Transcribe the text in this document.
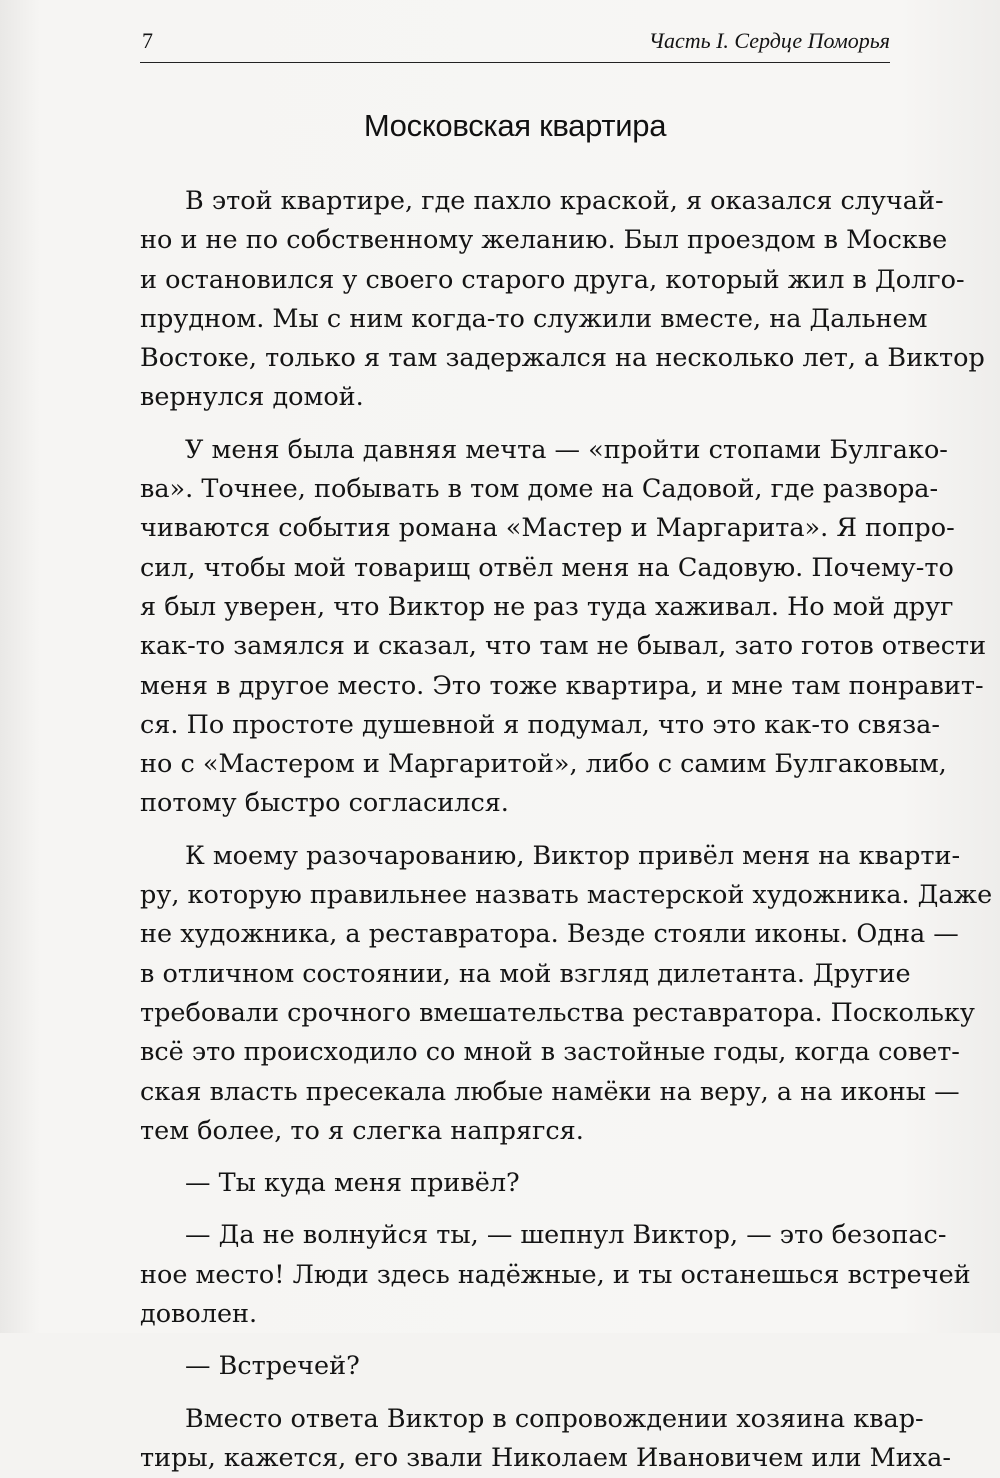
7	Часть I. Сердце Поморья
Московская квартира
В этой квартире, где пахло краской, я оказался случай-
но и не по собственному желанию. Был проездом в Москве
и остановился у своего старого друга, который жил в Долго-
прудном. Мы с ним когда-то служили вместе, на Дальнем
Востоке, только я там задержался на несколько лет, а Виктор
вернулся домой.
У меня была давняя мечта — «пройти стопами Булгако-
ва». Точнее, побывать в том доме на Садовой, где развора-
чиваются события романа «Мастер и Маргарита». Я попро-
сил, чтобы мой товарищ отвёл меня на Садовую. Почему-то
я был уверен, что Виктор не раз туда хаживал. Но мой друг
как-то замялся и сказал, что там не бывал, зато готов отвести
меня в другое место. Это тоже квартира, и мне там понравит-
ся. По простоте душевной я подумал, что это как-то связа-
но с «Мастером и Маргаритой», либо с самим Булгаковым,
потому быстро согласился.
К моему разочарованию, Виктор привёл меня на кварти-
ру, которую правильнее назвать мастерской художника. Даже
не художника, а реставратора. Везде стояли иконы. Одна —
в отличном состоянии, на мой взгляд дилетанта. Другие
требовали срочного вмешательства реставратора. Поскольку
всё это происходило со мной в застойные годы, когда совет-
ская власть пресекала любые намёки на веру, а на иконы —
тем более, то я слегка напрягся.
— Ты куда меня привёл?
— Да не волнуйся ты, — шепнул Виктор, — это безопас-
ное место! Люди здесь надёжные, и ты останешься встречей
доволен.
— Встречей?
Вместо ответа Виктор в сопровождении хозяина квар-
тиры, кажется, его звали Николаем Ивановичем или Миха-
